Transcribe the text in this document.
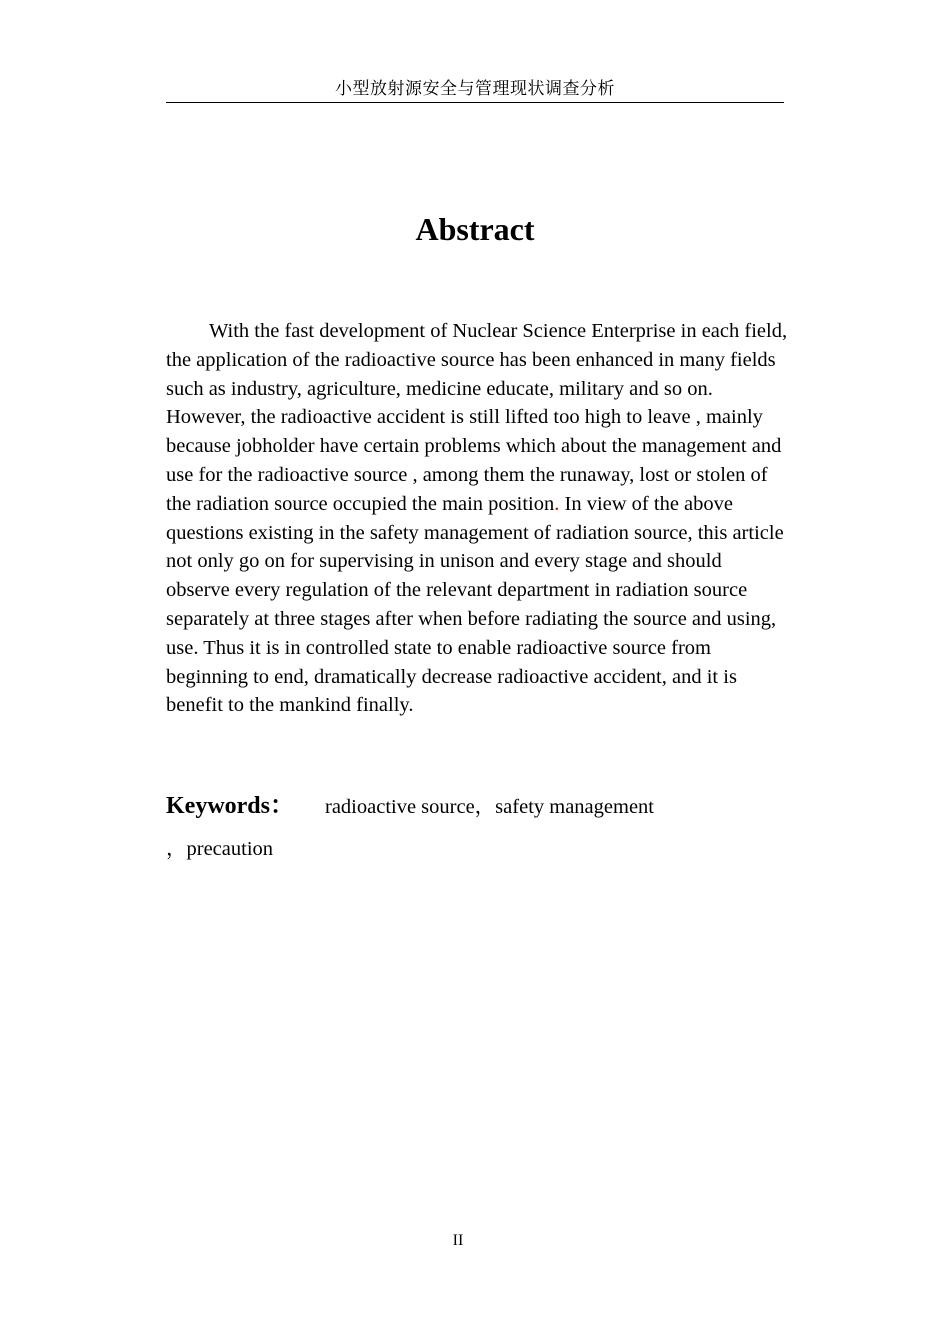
小型放射源安全与管理现状调查分析
Abstract

With the fast development of Nuclear Science Enterprise in each field, the application of the radioactive source has been enhanced in many fields such as industry, agriculture, medicine educate, military and so on. However, the radioactive accident is still lifted too high to leave , mainly because jobholder have certain problems which about the management and use for the radioactive source , among them the runaway, lost or stolen of the radiation source occupied the main position. In view of the above questions existing in the safety management of radiation source, this article not only go on for supervising in unison and every stage and should observe every regulation of the relevant department in radiation source separately at three stages after when before radiating the source and using, use. Thus it is in controlled state to enable radioactive source from beginning to end, dramatically decrease radioactive accident, and it is benefit to the mankind finally.

Keywords： radioactive source，safety management
，precaution
II
